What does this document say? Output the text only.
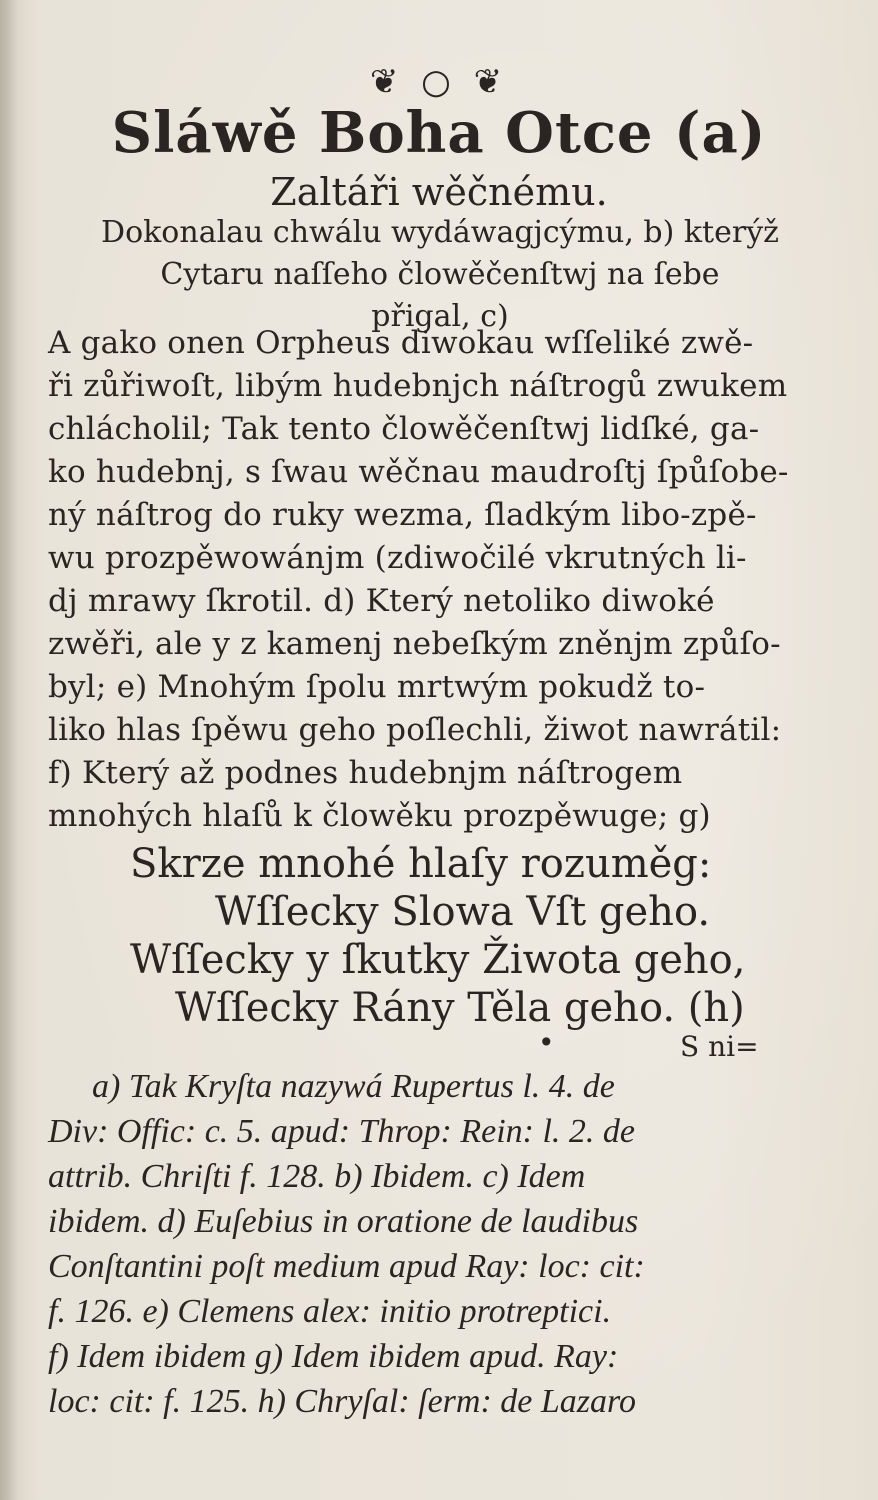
❦ ○ ❦
Sláwě Boha Otce (a)
Zaltáři wěčnému.
Dokonalau chwálu wydáwagjcýmu, b) kterýž
Cytaru naſſeho člowěčenſtwj na ſebe
přigal, c)
A gako onen Orpheus diwokau wſſeliké zwě-
ři zůřiwoſt, libým hudebnjch náſtrogů zwukem
chlácholil; Tak tento člowěčenſtwj lidſké, ga-
ko hudebnj, s ſwau wěčnau maudroſtj ſpůſobe-
ný náſtrog do ruky wezma, ſladkým libo-zpě-
wu prozpěwowánjm (zdiwočilé vkrutných li-
dj mrawy ſkrotil. d) Který netoliko diwoké
zwěři, ale y z kamenj nebeſkým zněnjm způſo-
byl; e) Mnohým ſpolu mrtwým pokudž to-
liko hlas ſpěwu geho poſlechli, žiwot nawrátil:
f) Který až podnes hudebnjm náſtrogem
mnohých hlaſů k člowěku prozpěwuge; g)
Skrze mnohé hlaſy rozuměg:
Wſſecky Slowa Vſt geho.
Wſſecky y ſkutky Žiwota geho,
Wſſecky Rány Těla geho. (h)
•	S ni=
a) Tak Kryſta nazywá Rupertus l. 4. de
Div: Offic: c. 5. apud: Throp: Rein: l. 2. de
attrib. Chriſti f. 128. b) Ibidem. c) Idem
ibidem. d) Euſebius in oratione de laudibus
Conſtantini poſt medium apud Ray: loc: cit:
f. 126. e) Clemens alex: initio protreptici.
f) Idem ibidem g) Idem ibidem apud. Ray:
loc: cit: f. 125. h) Chryſal: ſerm: de Lazaro
